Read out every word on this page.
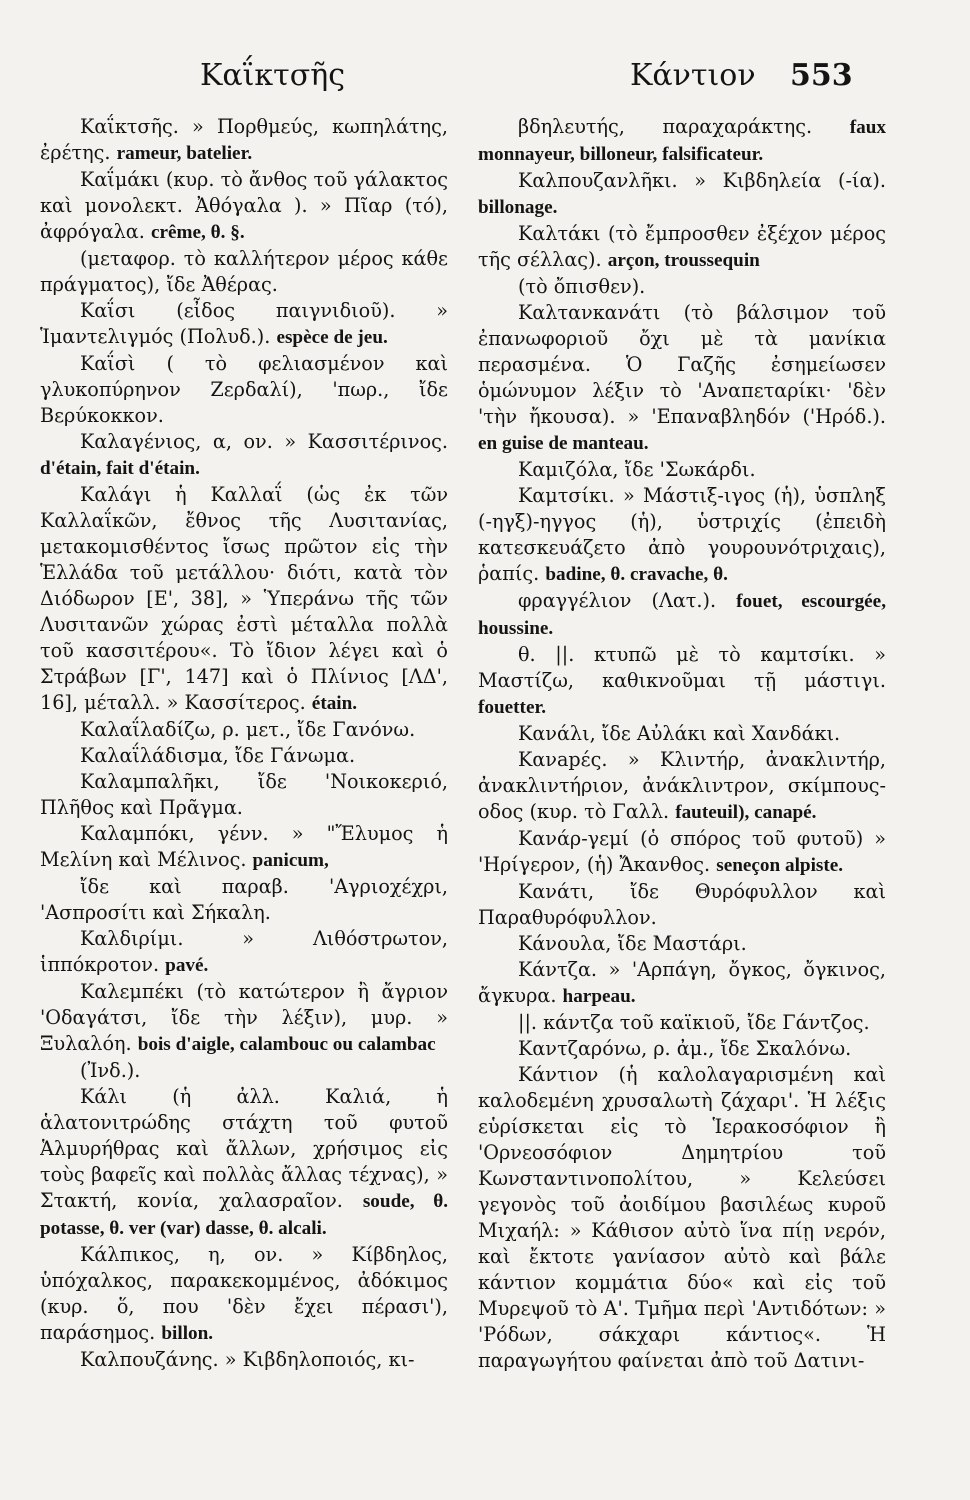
Καΐκτσῆς	Κάντιον 553

Καΐκτσῆς. » Πορθμεύς, κωπηλάτης, ἐρέτης. rameur, batelier.

Καΐμάκι (κυρ. τὸ ἄνθος τοῦ γάλακτος καὶ μονολεκτ. Ἀθόγαλα ). » Πῖαρ (τό), ἀφρόγαλα. crême, θ. §.

(μεταφορ. τὸ καλλήτερον μέρος κάθε πράγματος), ἴδε Ἀθέρας.

Καΐσι (εἶδος παιγνιδιοῦ). » Ἱμαντελιγμός (Πολυδ.). espèce de jeu.

Καΐσὶ ( τὸ φελιασμένον καὶ γλυκοπύρηνον Ζερδαλί), 'πωρ., ἴδε Βερύκοκκον.

Καλαγένιος, α, ον. » Κασσιτέρινος. d'étain, fait d'étain.

Καλάγι ἡ Καλλαΐ (ὡς ἐκ τῶν Καλλαΐκῶν, ἔθνος τῆς Λυσιτανίας, μετακομισθέντος ἴσως πρῶτον εἰς τὴν Ἑλλάδα τοῦ μετάλλου· διότι, κατὰ τὸν Διόδωρον [Ε', 38], » Ὑπεράνω τῆς τῶν Λυσιτανῶν χώρας ἐστὶ μέταλλα πολλὰ τοῦ κασσιτέρου«. Τὸ ἴδιον λέγει καὶ ὁ Στράβων [Γ', 147] καὶ ὁ Πλίνιος [ΛΔ', 16], μέταλλ. » Κασσίτερος. étain.

Καλαΐλαδίζω, ρ. μετ., ἴδε Γανόνω.

Καλαΐλάδισμα, ἴδε Γάνωμα.

Καλαμπαλῆκι, ἴδε 'Νοικοκεριό, Πλῆθος καὶ Πρᾶγμα.

Καλαμπόκι, γένν. » "Ἔλυμος ἡ Μελίνη καὶ Μέλινος. panicum,

ἴδε καὶ παραβ. 'Αγριοχέχρι, 'Ασπροσίτι καὶ Σήκαλη.

Καλδιρίμι. » Λιθόστρωτον, ἱππόκροτον. pavé.

Καλεμπέκι (τὸ κατώτερον ἢ ἄγριον 'Οδαγάτσι, ἴδε τὴν λέξιν), μυρ. » Ξυλαλόη. bois d'aigle, calambouc ou calambac

(Ἰνδ.).

Κάλι (ἡ ἀλλ. Καλιά, ἡ ἁλατονιτρώδης στάχτη τοῦ φυτοῦ Ἁλμυρήθρας καὶ ἄλλων, χρήσιμος εἰς τοὺς βαφεῖς καὶ πολλὰς ἄλλας τέχνας), » Στακτή, κονία, χαλασραῖον. soude, θ. potasse, θ. ver (var) dasse, θ. alcali.

Κάλπικος, η, ον. » Κίβδηλος, ὑπόχαλκος, παρακεκομμένος, ἀδόκιμος (κυρ. ὅ, που 'δὲν ἔχει πέρασι'), παράσημος. billon.

Καλπουζάνης. » Κιβδηλοποιός, κι-

βδηλευτής, παραχαράκτης. faux monnayeur, billoneur, falsificateur.

Καλπουζανλῆκι. » Κιβδηλεία (-ία). billonage.

Καλτάκι (τὸ ἔμπροσθεν ἐξέχον μέρος τῆς σέλλας). arçon, troussequin

(τὸ ὄπισθεν).

Καλτανκανάτι (τὸ βάλσιμον τοῦ ἐπανωφοριοῦ ὄχι μὲ τὰ μανίκια περασμένα. Ὁ Γαζῆς ἐσημείωσεν ὁμώνυμον λέξιν τὸ 'Αναπεταρίκι· 'δὲν 'τὴν ἤκουσα). » 'Επαναβληδόν ('Ηρόδ.). en guise de manteau.

Καμιζόλα, ἴδε 'Σωκάρδι.

Καμτσίκι. » Μάστιξ-ιγος (ἡ), ὑσπληξ (-ηγξ)-ηγγος (ἡ), ὑστριχίς (ἐπειδὴ κατεσκευάζετο ἀπὸ γουρουνότριχαις), ῥαπίς. badine, θ. cravache, θ.

φραγγέλιον (Λατ.). fouet, escourgée, houssine.

θ. ||. κτυπῶ μὲ τὸ καμτσίκι. » Μαστίζω, καθικνοῦμαι τῇ μάστιγι. fouetter.

Κανάλι, ἴδε Αὐλάκι καὶ Χανδάκι.

Κανapές. » Κλιντήρ, ἀνακλιντήρ, ἀνακλιντήριον, ἀνάκλιντρον, σκίμπους-οδος (κυρ. τὸ Γαλλ. fauteuil), canapé.

Κανάρ-γεμί (ὁ σπόρος τοῦ φυτοῦ) » 'Ηρίγερον, (ἡ) Ἄκανθος. seneçon alpiste.

Κανάτι, ἴδε Θυρόφυλλον καὶ Παραθυρόφυλλον.

Κάνουλα, ἴδε Μαστάρι.

Κάντζα. » 'Αρπάγη, ὄγκος, ὄγκινος, ἄγκυρα. harpeau.

||. κάντζα τοῦ καϊκιοῦ, ἴδε Γάντζος.

Καντζαρόνω, ρ. ἀμ., ἴδε Σκαλόνω.

Κάντιον (ἡ καλολαγαρισμένη καὶ καλοδεμένη χρυσαλωτὴ ζάχαρι'. Ἡ λέξις εὑρίσκεται εἰς τὸ Ἱερακοσόφιον ἢ 'Ορνεοσόφιον Δημητρίου τοῦ Κωνσταντινοπολίτου, » Κελεύσει γεγονὸς τοῦ ἀοιδίμου βασιλέως κυροῦ Μιχαήλ: » Κάθισον αὐτὸ ἵνα πίῃ νερόν, καὶ ἔκτοτε γανίασον αὐτὸ καὶ βάλε κάντιον κομμάτια δύο« καὶ εἰς τοῦ Μυρεψοῦ τὸ Α'. Τμῆμα περὶ 'Αντιδότων: » 'Ρόδων, σάκχαρι κάντιος«. Ἡ παραγωγήτου φαίνεται ἀπὸ τοῦ Δατινι-
